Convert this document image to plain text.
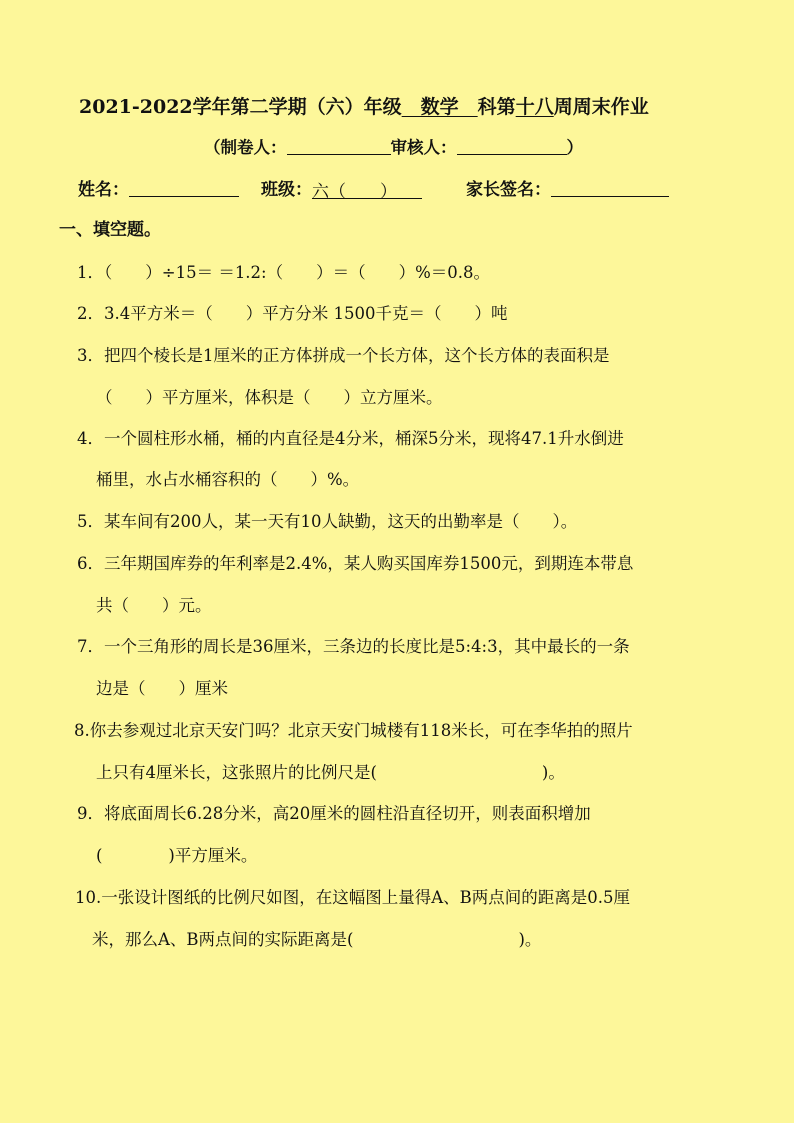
2021-2022学年第二学期（六）年级　数学　科第十八周周末作业
（制卷人：	审核人：	）
姓名：	班级：六（　　）	家长签名：
一、填空题。
1．（　　）÷15＝ ＝1.2:（　　）＝（　　）%＝0.8。
2．3.4平方米＝（　　）平方分米 1500千克＝（　　）吨
3．把四个棱长是1厘米的正方体拼成一个长方体，这个长方体的表面积是
（　　）平方厘米，体积是（　　）立方厘米。
4．一个圆柱形水桶，桶的内直径是4分米，桶深5分米，现将47.1升水倒进
桶里，水占水桶容积的（　　）%。
5．某车间有200人，某一天有10人缺勤，这天的出勤率是（　　）。
6．三年期国库券的年利率是2.4%，某人购买国库券1500元，到期连本带息
共（　　）元。
7．一个三角形的周长是36厘米，三条边的长度比是5:4:3，其中最长的一条
边是（　　）厘米
8.你去参观过北京天安门吗？北京天安门城楼有118米长，可在李华拍的照片
上只有4厘米长，这张照片的比例尺是(　　　　　　　　　　)。
9．将底面周长6.28分米，高20厘米的圆柱沿直径切开，则表面积增加
(　　　　)平方厘米。
10.一张设计图纸的比例尺如图，在这幅图上量得A、B两点间的距离是0.5厘
米，那么A、B两点间的实际距离是(　　　　　　　　　　)。
